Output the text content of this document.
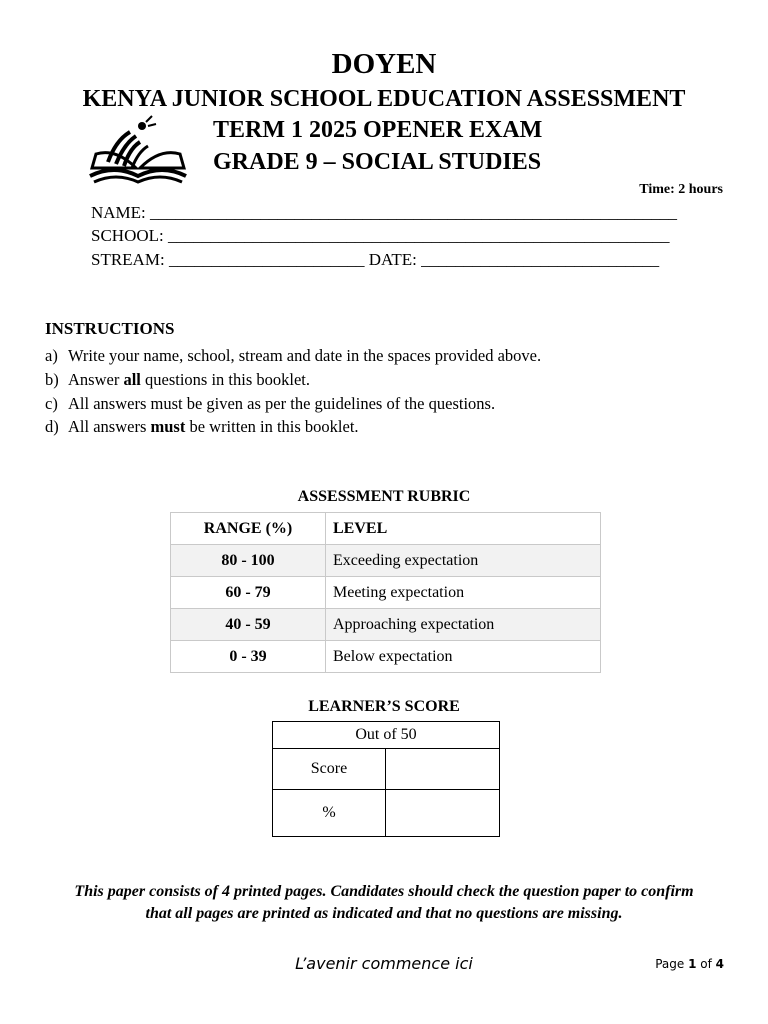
DOYEN
KENYA JUNIOR SCHOOL EDUCATION ASSESSMENT
TERM 1 2025 OPENER EXAM
GRADE 9 – SOCIAL STUDIES
Time: 2 hours
NAME: ______________________________________________________________
SCHOOL: ___________________________________________________________
STREAM: _______________________ DATE: ____________________________
INSTRUCTIONS
a) Write your name, school, stream and date in the spaces provided above.
b) Answer all questions in this booklet.
c) All answers must be given as per the guidelines of the questions.
d) All answers must be written in this booklet.
ASSESSMENT RUBRIC
RANGE (%)	LEVEL
80 - 100	Exceeding expectation
60 - 79	Meeting expectation
40 - 59	Approaching expectation
0 - 39	Below expectation
LEARNER’S SCORE
Out of 50	
Score	
%	
This paper consists of 4 printed pages. Candidates should check the question paper to confirm that all pages are printed as indicated and that no questions are missing.
L’avenir commence ici	Page 1 of 4
